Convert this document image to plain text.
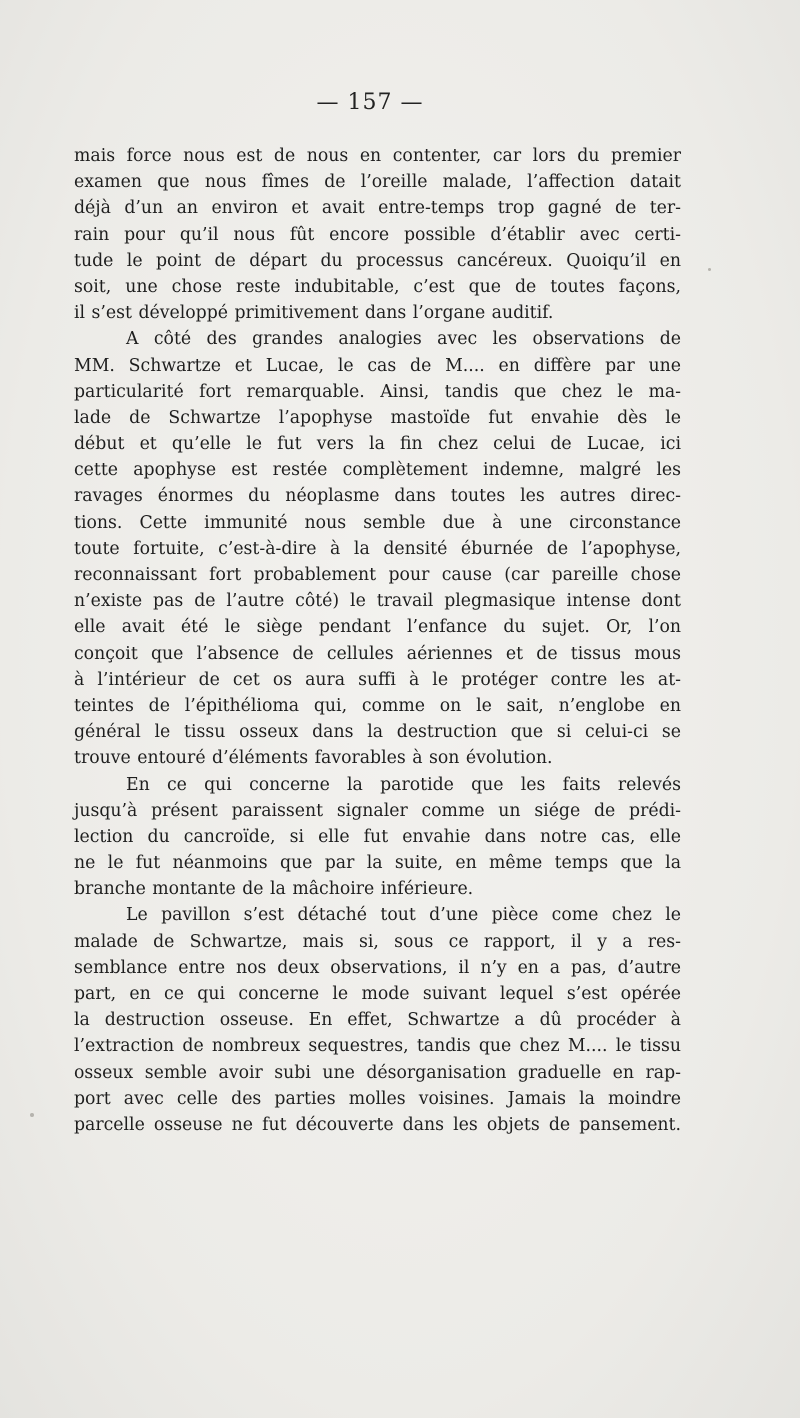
— 157 —
mais force nous est de nous en contenter, car lors du premier
examen que nous fîmes de l’oreille malade, l’affection datait
déjà d’un an environ et avait entre-temps trop gagné de ter-
rain pour qu’il nous fût encore possible d’établir avec certi-
tude le point de départ du processus cancéreux. Quoiqu’il en
soit, une chose reste indubitable, c’est que de toutes façons,
il s’est développé primitivement dans l’organe auditif.
A côté des grandes analogies avec les observations de
MM. Schwartze et Lucae, le cas de M.... en diffère par une
particularité fort remarquable. Ainsi, tandis que chez le ma-
lade de Schwartze l’apophyse mastoïde fut envahie dès le
début et qu’elle le fut vers la fin chez celui de Lucae, ici
cette apophyse est restée complètement indemne, malgré les
ravages énormes du néoplasme dans toutes les autres direc-
tions. Cette immunité nous semble due à une circonstance
toute fortuite, c’est-à-dire à la densité éburnée de l’apophyse,
reconnaissant fort probablement pour cause (car pareille chose
n’existe pas de l’autre côté) le travail plegmasique intense dont
elle avait été le siège pendant l’enfance du sujet. Or, l’on
conçoit que l’absence de cellules aériennes et de tissus mous
à l’intérieur de cet os aura suffi à le protéger contre les at-
teintes de l’épithélioma qui, comme on le sait, n’englobe en
général le tissu osseux dans la destruction que si celui-ci se
trouve entouré d’éléments favorables à son évolution.
En ce qui concerne la parotide que les faits relevés
jusqu’à présent paraissent signaler comme un siége de prédi-
lection du cancroïde, si elle fut envahie dans notre cas, elle
ne le fut néanmoins que par la suite, en même temps que la
branche montante de la mâchoire inférieure.
Le pavillon s’est détaché tout d’une pièce come chez le
malade de Schwartze, mais si, sous ce rapport, il y a res-
semblance entre nos deux observations, il n’y en a pas, d’autre
part, en ce qui concerne le mode suivant lequel s’est opérée
la destruction osseuse. En effet, Schwartze a dû procéder à
l’extraction de nombreux sequestres, tandis que chez M.... le tissu
osseux semble avoir subi une désorganisation graduelle en rap-
port avec celle des parties molles voisines. Jamais la moindre
parcelle osseuse ne fut découverte dans les objets de pansement.
